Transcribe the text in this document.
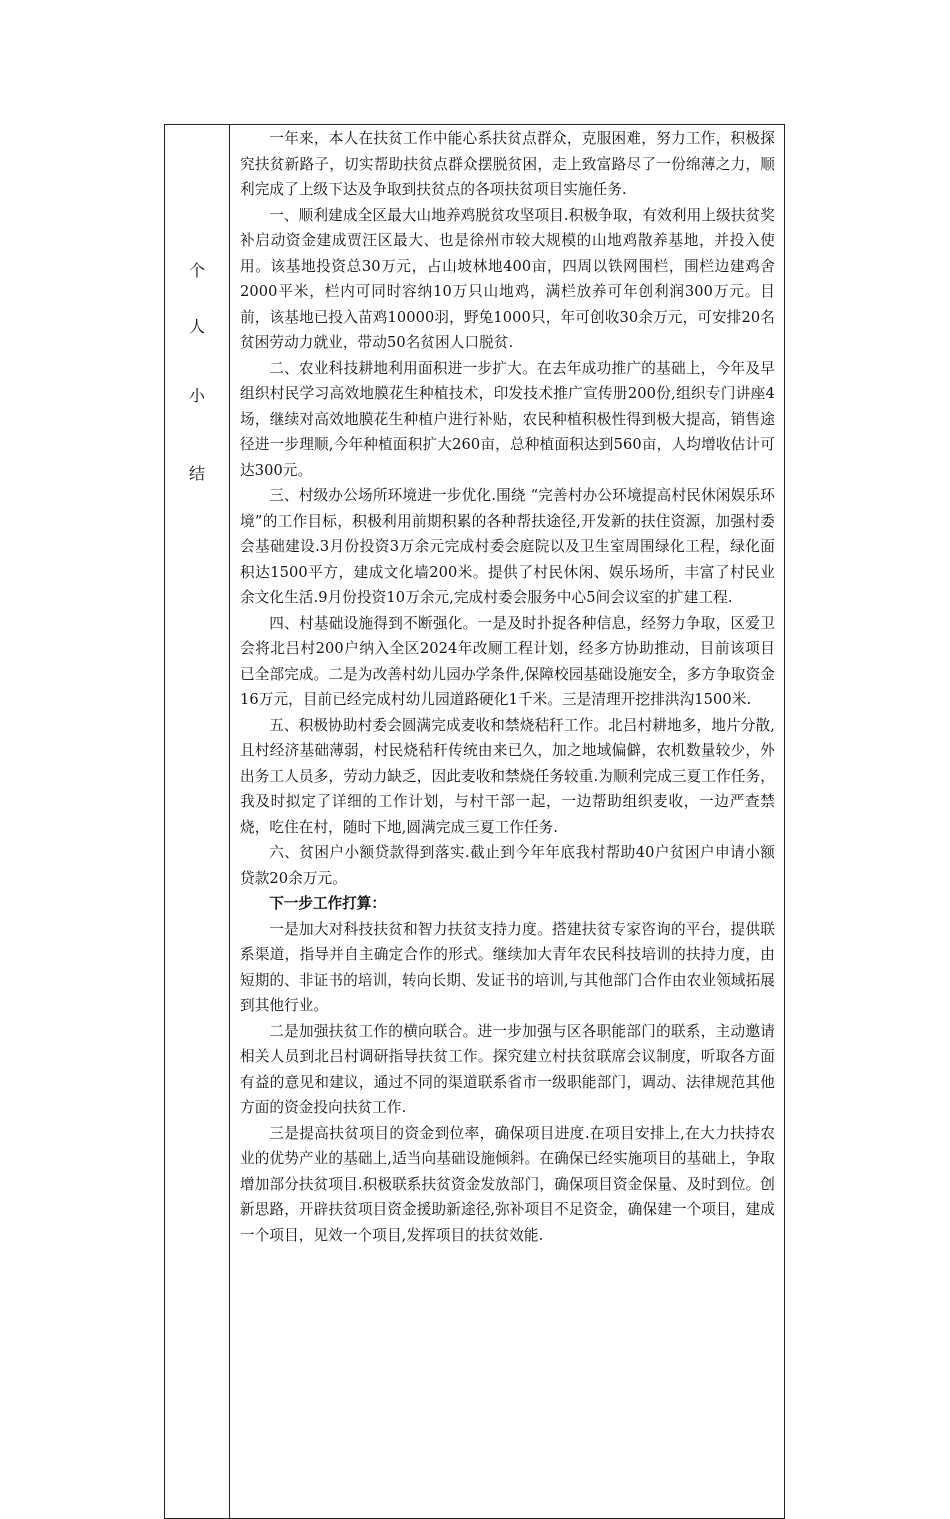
个
人
小
结

一年来，本人在扶贫工作中能心系扶贫点群众，克服困难，努力工作，积极探究扶贫新路子，切实帮助扶贫点群众摆脱贫困，走上致富路尽了一份绵薄之力，顺利完成了上级下达及争取到扶贫点的各项扶贫项目实施任务.

一、顺利建成全区最大山地养鸡脱贫攻坚项目.积极争取，有效利用上级扶贫奖补启动资金建成贾汪区最大、也是徐州市较大规模的山地鸡散养基地，并投入使用。该基地投资总30万元，占山坡林地400亩，四周以铁网围栏，围栏边建鸡舍2000平米，栏内可同时容纳10万只山地鸡，满栏放养可年创利润300万元。目前，该基地已投入苗鸡10000羽，野兔1000只，年可创收30余万元，可安排20名贫困劳动力就业，带动50名贫困人口脱贫.

二、农业科技耕地利用面积进一步扩大。在去年成功推广的基础上，今年及早组织村民学习高效地膜花生种植技术，印发技术推广宣传册200份,组织专门讲座4场，继续对高效地膜花生种植户进行补贴，农民种植积极性得到极大提高，销售途径进一步理顺,今年种植面积扩大260亩，总种植面积达到560亩，人均增收估计可达300元。

三、村级办公场所环境进一步优化.围绕 “完善村办公环境提高村民休闲娱乐环境”的工作目标，积极利用前期积累的各种帮扶途径,开发新的扶住资源，加强村委会基础建设.3月份投资3万余元完成村委会庭院以及卫生室周围绿化工程，绿化面积达1500平方，建成文化墙200米。提供了村民休闲、娱乐场所，丰富了村民业余文化生活.9月份投资10万余元,完成村委会服务中心5间会议室的扩建工程.

四、村基础设施得到不断强化。一是及时扑捉各种信息，经努力争取，区爱卫会将北吕村200户纳入全区2024年改厕工程计划，经多方协助推动，目前该项目已全部完成。二是为改善村幼儿园办学条件,保障校园基础设施安全，多方争取资金16万元，目前已经完成村幼儿园道路硬化1千米。三是清理开挖排洪沟1500米.

五、积极协助村委会圆满完成麦收和禁烧秸秆工作。北吕村耕地多，地片分散,且村经济基础薄弱，村民烧秸秆传统由来已久，加之地域偏僻，农机数量较少，外出务工人员多，劳动力缺乏，因此麦收和禁烧任务较重.为顺利完成三夏工作任务，我及时拟定了详细的工作计划，与村干部一起，一边帮助组织麦收，一边严查禁烧，吃住在村，随时下地,圆满完成三夏工作任务.

六、贫困户小额贷款得到落实.截止到今年年底我村帮助40户贫困户申请小额贷款20余万元。

下一步工作打算：

一是加大对科技扶贫和智力扶贫支持力度。搭建扶贫专家咨询的平台，提供联系渠道，指导并自主确定合作的形式。继续加大青年农民科技培训的扶持力度，由短期的、非证书的培训，转向长期、发证书的培训,与其他部门合作由农业领域拓展到其他行业。

二是加强扶贫工作的横向联合。进一步加强与区各职能部门的联系，主动邀请相关人员到北吕村调研指导扶贫工作。探究建立村扶贫联席会议制度，听取各方面有益的意见和建议，通过不同的渠道联系省市一级职能部门，调动、法律规范其他方面的资金投向扶贫工作.

三是提高扶贫项目的资金到位率，确保项目进度.在项目安排上,在大力扶持农业的优势产业的基础上,适当向基础设施倾斜。在确保已经实施项目的基础上，争取增加部分扶贫项目.积极联系扶贫资金发放部门，确保项目资金保量、及时到位。创新思路，开辟扶贫项目资金援助新途径,弥补项目不足资金，确保建一个项目，建成一个项目，见效一个项目,发挥项目的扶贫效能.
